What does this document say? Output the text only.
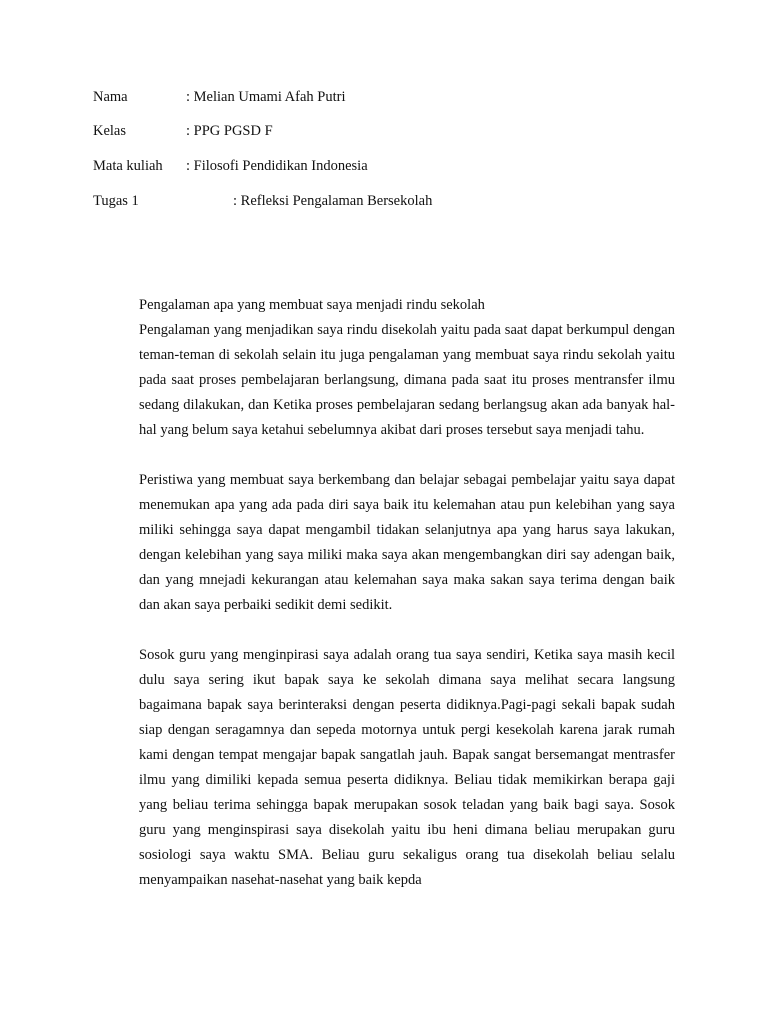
Nama	: Melian Umami Afah Putri
Kelas	: PPG PGSD F
Mata kuliah : Filosofi Pendidikan Indonesia
Tugas 1	: Refleksi Pengalaman Bersekolah

Pengalaman apa yang membuat saya menjadi rindu sekolah

Pengalaman yang menjadikan saya rindu disekolah yaitu pada saat dapat berkumpul dengan teman-teman di sekolah selain itu juga pengalaman yang membuat saya rindu sekolah yaitu pada saat proses pembelajaran berlangsung, dimana pada saat itu proses mentransfer ilmu sedang dilakukan, dan Ketika proses pembelajaran sedang berlangsug akan ada banyak hal-hal yang belum saya ketahui sebelumnya akibat dari proses tersebut saya menjadi tahu.

Peristiwa yang membuat saya berkembang dan belajar sebagai pembelajar yaitu saya dapat menemukan apa yang ada pada diri saya baik itu kelemahan atau pun kelebihan yang saya miliki sehingga saya dapat mengambil tidakan selanjutnya apa yang harus saya lakukan, dengan kelebihan yang saya miliki maka saya akan mengembangkan diri say adengan baik, dan yang mnejadi kekurangan atau kelemahan saya maka sakan saya terima dengan baik dan akan saya perbaiki sedikit demi sedikit.

Sosok guru yang menginpirasi saya adalah orang tua saya sendiri, Ketika saya masih kecil dulu saya sering ikut bapak saya ke sekolah dimana saya melihat secara langsung bagaimana bapak saya berinteraksi dengan peserta didiknya.Pagi-pagi sekali bapak sudah siap dengan seragamnya dan sepeda motornya untuk pergi kesekolah karena jarak rumah kami dengan tempat mengajar bapak sangatlah jauh. Bapak sangat bersemangat mentrasfer ilmu yang dimiliki kepada semua peserta didiknya. Beliau tidak memikirkan berapa gaji yang beliau terima sehingga bapak merupakan sosok teladan yang baik bagi saya. Sosok guru yang menginspirasi saya disekolah yaitu ibu heni dimana beliau merupakan guru sosiologi saya waktu SMA. Beliau guru sekaligus orang tua disekolah beliau selalu menyampaikan nasehat-nasehat yang baik kepda
